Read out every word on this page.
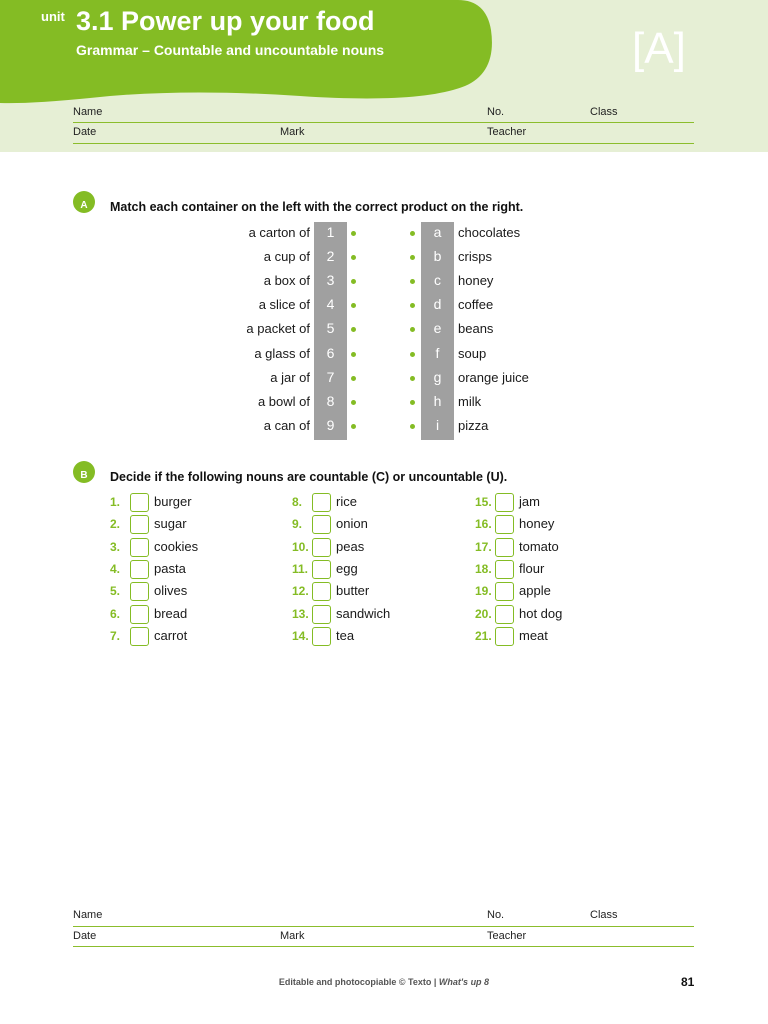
unit 3.1 Power up your food
Grammar – Countable and uncountable nouns	[A]
Name	No.	Class
Date	Mark	Teacher
A	Match each container on the left with the correct product on the right.
a carton of	1	a	chocolates
a cup of	2	b	crisps
a box of	3	c	honey
a slice of	4	d	coffee
a packet of	5	e	beans
a glass of	6	f	soup
a jar of	7	g	orange juice
a bowl of	8	h	milk
a can of	9	i	pizza
B	Decide if the following nouns are countable (C) or uncountable (U).
1.	burger
2.	sugar
3.	cookies
4.	pasta
5.	olives
6.	bread
7.	carrot
8.	rice
9.	onion
10. peas
11. egg
12. butter
13. sandwich
14. tea
15. jam
16. honey
17. tomato
18. flour
19. apple
20. hot dog
21. meat
Name	No.	Class
Date	Mark	Teacher
Editable and photocopiable © Texto | What's up 8	81
